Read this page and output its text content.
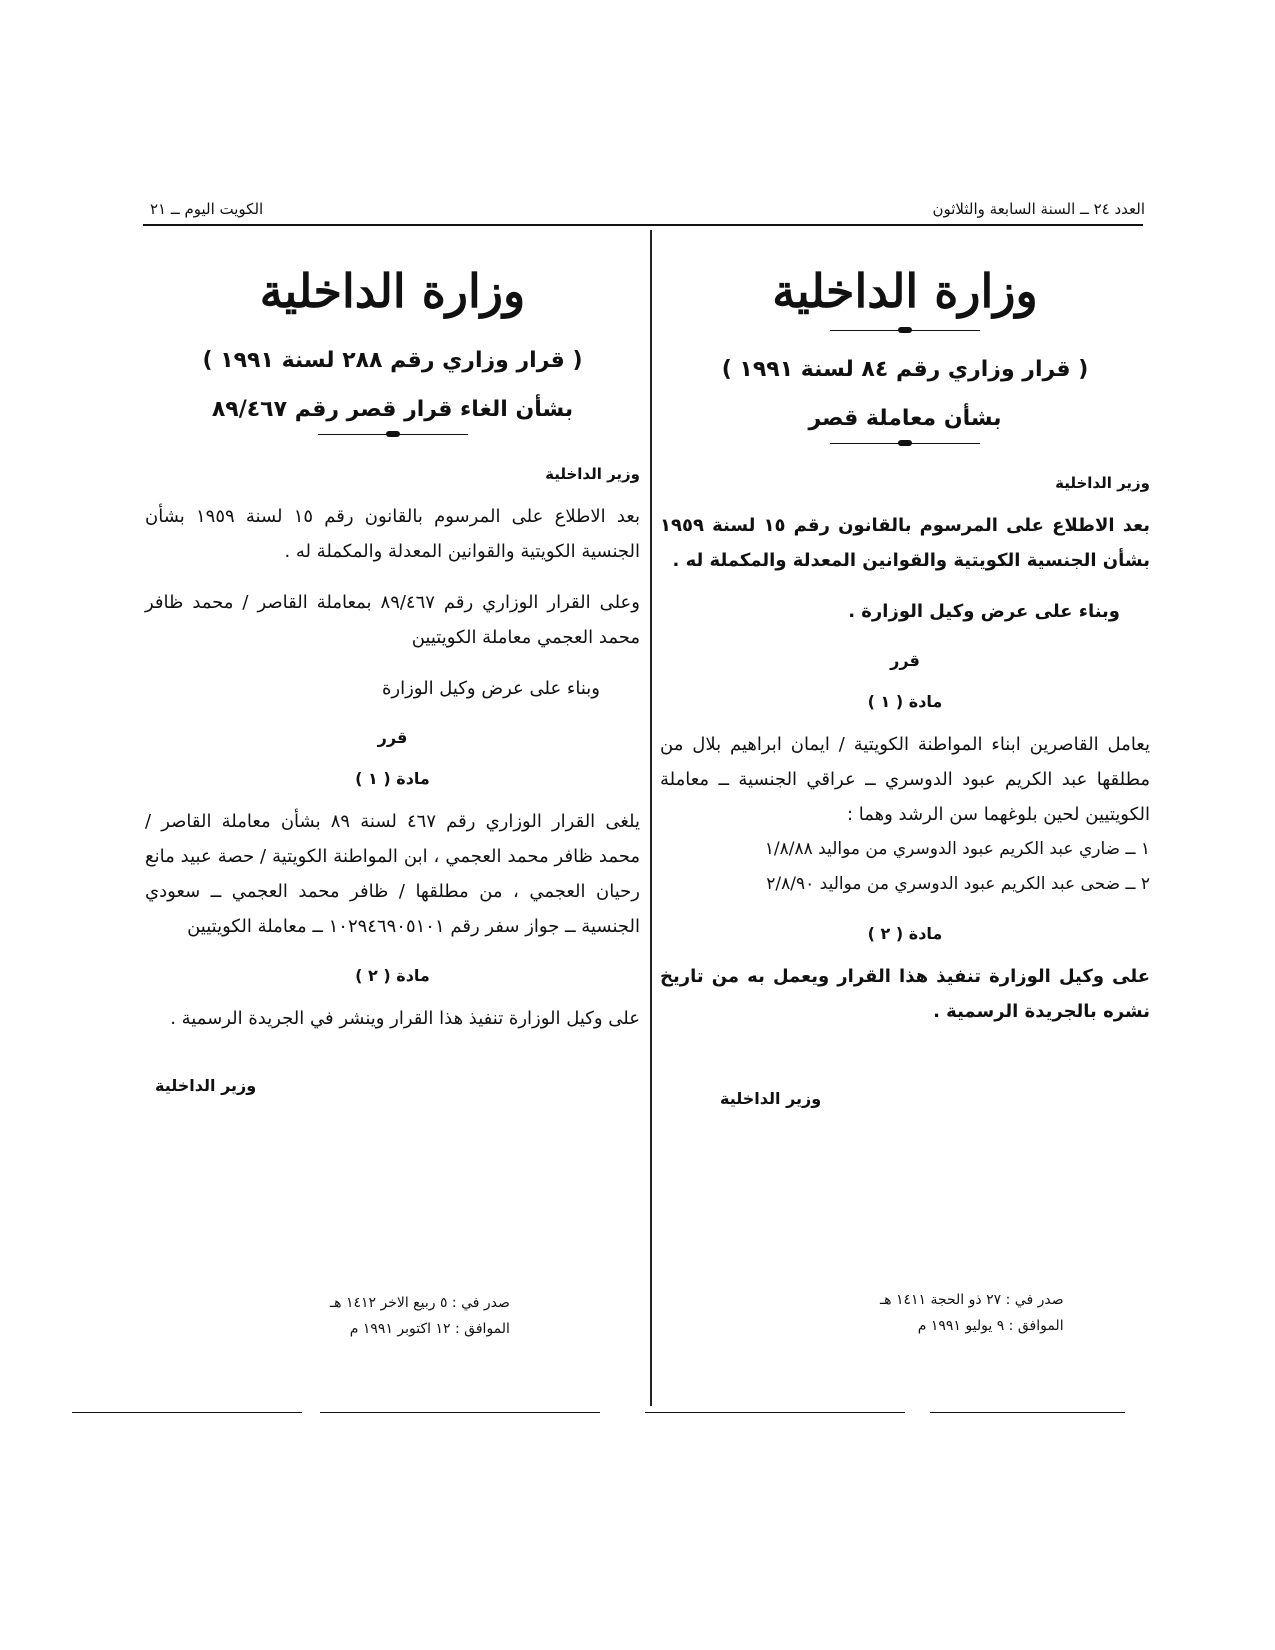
العدد ٢٤ ــ السنة السابعة والثلاثون
الكويت اليوم ــ ٢١
وزارة الداخلية
( قرار وزاري رقم ٨٤ لسنة ١٩٩١ )
بشأن معاملة قصر
وزير الداخلية
بعد الاطلاع على المرسوم بالقانون رقم ١٥ لسنة ١٩٥٩ بشأن الجنسية الكويتية والقوانين المعدلة والمكملة له .
وبناء على عرض وكيل الوزارة .
قرر
مادة ( ١ )
يعامل القاصرين ابناء المواطنة الكويتية / ايمان ابراهيم بلال من مطلقها عبد الكريم عبود الدوسري ــ عراقي الجنسية ــ معاملة الكويتيين لحين بلوغهما سن الرشد وهما :
١ ــ ضاري عبد الكريم عبود الدوسري من مواليد ١/٨/٨٨
٢ ــ ضحى عبد الكريم عبود الدوسري من مواليد ٢/٨/٩٠
مادة ( ٢ )
على وكيل الوزارة تنفيذ هذا القرار ويعمل به من تاريخ نشره بالجريدة الرسمية .
وزير الداخلية
وزارة الداخلية
( قرار وزاري رقم ٢٨٨ لسنة ١٩٩١ )
بشأن الغاء قرار قصر رقم ٨٩/٤٦٧
وزير الداخلية
بعد الاطلاع على المرسوم بالقانون رقم ١٥ لسنة ١٩٥٩ بشأن الجنسية الكويتية والقوانين المعدلة والمكملة له .
وعلى القرار الوزاري رقم ٨٩/٤٦٧ بمعاملة القاصر / محمد ظافر محمد العجمي معاملة الكويتيين
وبناء على عرض وكيل الوزارة
قرر
مادة ( ١ )
يلغى القرار الوزاري رقم ٤٦٧ لسنة ٨٩ بشأن معاملة القاصر / محمد ظافر محمد العجمي ، ابن المواطنة الكويتية / حصة عبيد مانع رحيان العجمي ، من مطلقها / ظافر محمد العجمي ــ سعودي الجنسية ــ جواز سفر رقم ١٠٢٩٤٦٩٠٥١٠١ ــ معاملة الكويتيين
مادة ( ٢ )
على وكيل الوزارة تنفيذ هذا القرار وينشر في الجريدة الرسمية .
وزير الداخلية
صدر في : ٢٧ ذو الحجة ١٤١١ هـ
الموافق : ٩ يوليو ١٩٩١ م
صدر في : ٥ ربيع الاخر ١٤١٢ هـ
الموافق : ١٢ اكتوبر ١٩٩١ م
